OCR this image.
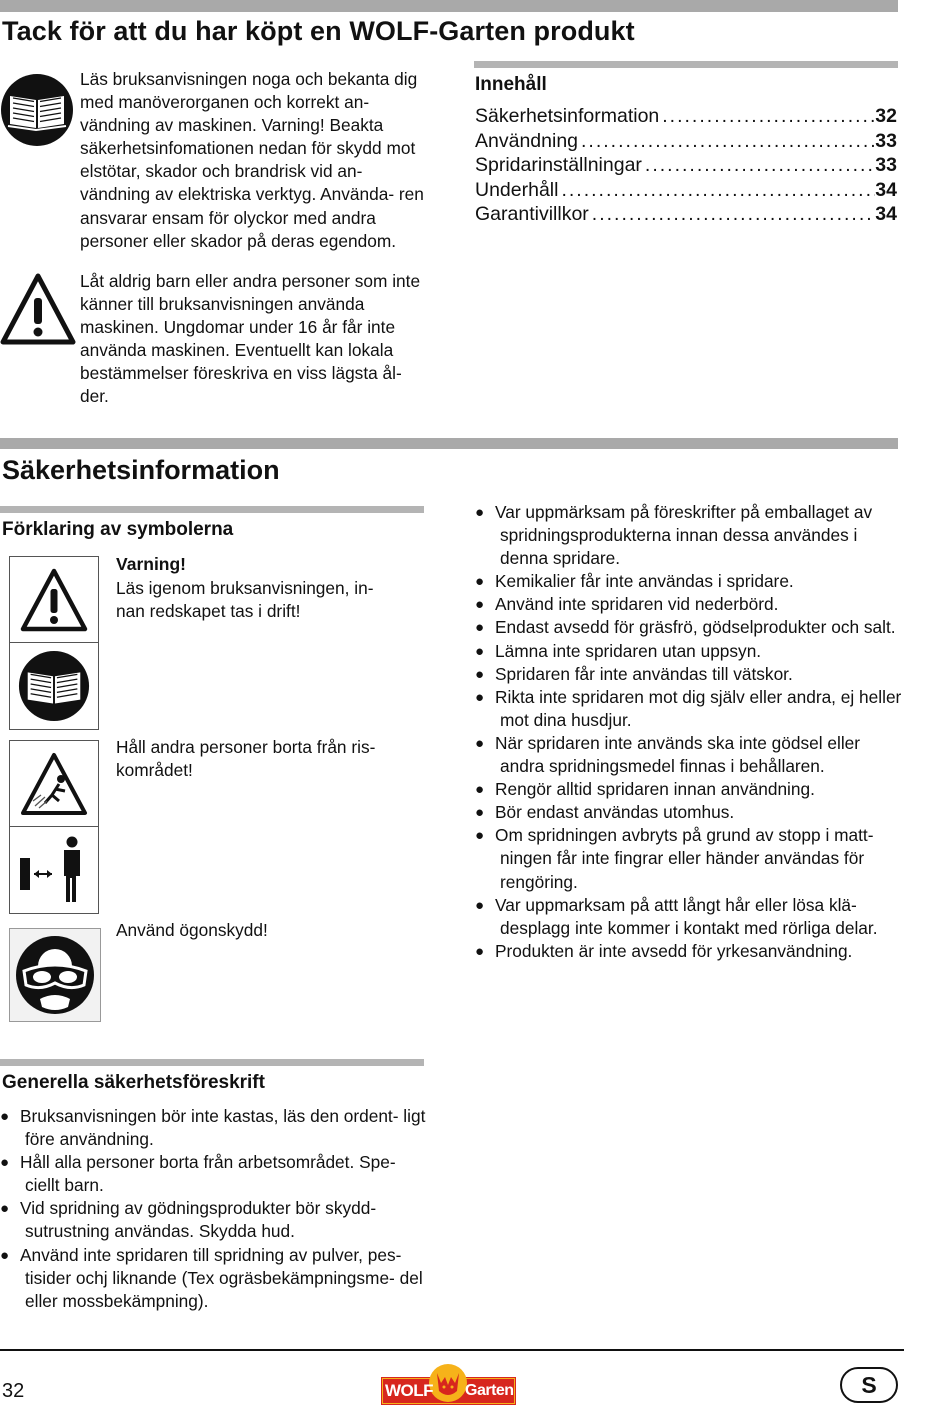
Tack för att du har köpt en WOLF-Garten produkt
Läs bruksanvisningen noga och bekanta dig med manöverorganen och korrekt an- vändning av maskinen. Varning! Beakta säkerhetsinfomationen nedan för skydd mot elstötar, skador och brandrisk vid an- vändning av elektriska verktyg. Använda- ren ansvarar ensam för olyckor med andra personer eller skador på deras egendom.
Låt aldrig barn eller andra personer som inte känner till bruksanvisningen använda maskinen. Ungdomar under 16 år får inte använda maskinen. Eventuellt kan lokala bestämmelser föreskriva en viss lägsta ål- der.
Innehåll
Säkerhetsinformation .....	32
Användning .....	33
Spridarinställningar .....	33
Underhåll .....	34
Garantivillkor .....	34
Säkerhetsinformation
Förklaring av symbolerna
Varning!
Läs igenom bruksanvisningen, in- nan redskapet tas i drift!
Håll andra personer borta från ris- kområdet!
Använd ögonskydd!
● Var uppmärksam på föreskrifter på emballaget av spridningsprodukterna innan dessa användes i denna spridare.
● Kemikalier får inte användas i spridare.
● Använd inte spridaren vid nederbörd.
● Endast avsedd för gräsfrö, gödselprodukter och salt.
● Lämna inte spridaren utan uppsyn.
● Spridaren får inte användas till vätskor.
● Rikta inte spridaren mot dig själv eller andra, ej heller mot dina husdjur.
● När spridaren inte används ska inte gödsel eller andra spridningsmedel finnas i behållaren.
● Rengör alltid spridaren innan användning.
● Bör endast användas utomhus.
● Om spridningen avbryts på grund av stopp i matt- ningen får inte fingrar eller händer användas för rengöring.
● Var uppmarksam på attt långt hår eller lösa klä- desplagg inte kommer i kontakt med rörliga delar.
● Produkten är inte avsedd för yrkesanvändning.
Generella säkerhetsföreskrift
● Bruksanvisningen bör inte kastas, läs den ordent- ligt före användning.
● Håll alla personer borta från arbetsområdet. Spe- ciellt barn.
● Vid spridning av gödningsprodukter bör skydd- sutrustning användas. Skydda hud.
● Använd inte spridaren till spridning av pulver, pes- tisider ochj liknande (Tex ogräsbekämpningsme- del eller mossbekämpning).
32	WOLF Garten	S
